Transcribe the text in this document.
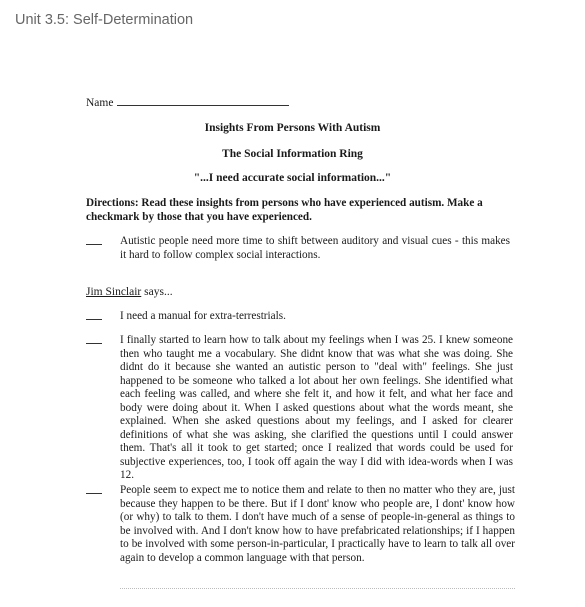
Unit 3.5: Self-Determination
Name
Insights From Persons With Autism
The Social Information Ring
"...I need accurate social information..."
Directions: Read these insights from persons who have experienced autism. Make a checkmark by those that you have experienced.
Autistic people need more time to shift between auditory and visual cues - this makes it hard to follow complex social interactions.
Jim Sinclair says...
I need a manual for extra-terrestrials.
I finally started to learn how to talk about my feelings when I was 25. I knew someone then who taught me a vocabulary. She didnt know that was what she was doing. She didnt do it because she wanted an autistic person to "deal with" feelings. She just happened to be someone who talked a lot about her own feelings. She identified what each feeling was called, and where she felt it, and how it felt, and what her face and body were doing about it. When I asked questions about what the words meant, she explained. When she asked questions about my feelings, and I asked for clearer definitions of what she was asking, she clarified the questions until I could answer them. That's all it took to get started; once I realized that words could be used for subjective experiences, too, I took off again the way I did with idea-words when I was 12.
People seem to expect me to notice them and relate to then no matter who they are, just because they happen to be there. But if I dont' know who people are, I dont' know how (or why) to talk to them. I don't have much of a sense of people-in-general as things to be involved with. And I don't know how to have prefabricated relationships; if I happen to be involved with some person-in-particular, I practically have to learn to talk all over again to develop a common language with that person.
